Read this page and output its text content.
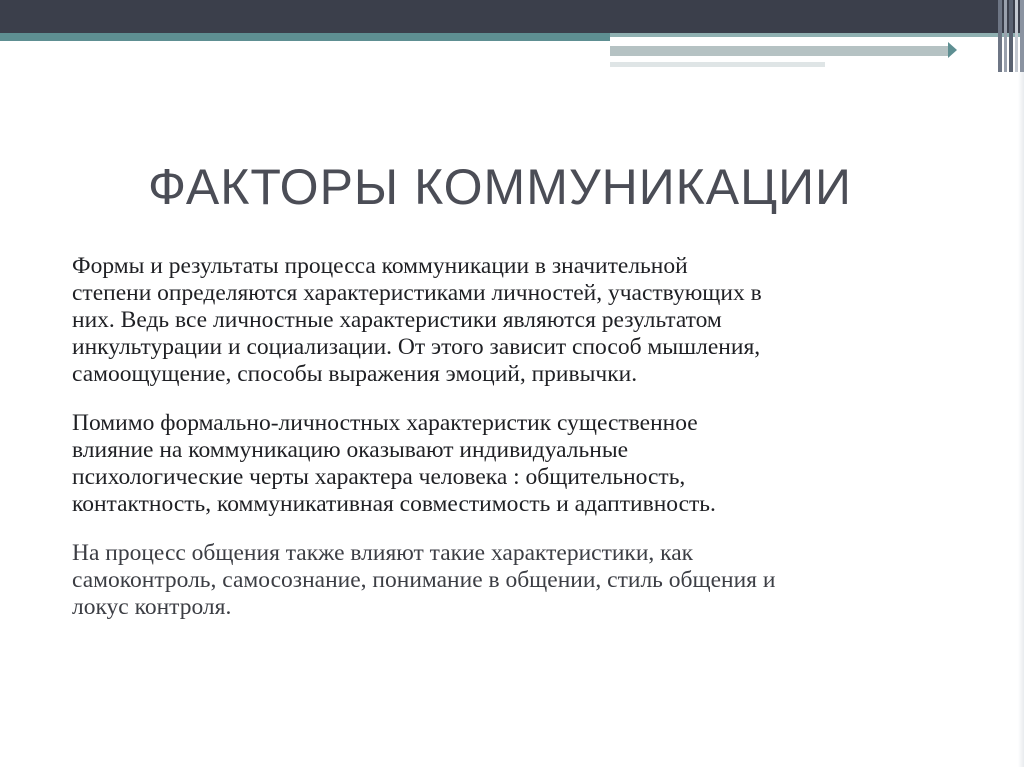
ФАКТОРЫ КОММУНИКАЦИИ

Формы и результаты процесса коммуникации в значительной
степени определяются характеристиками личностей, участвующих в
них. Ведь все личностные характеристики являются результатом
инкультурации и социализации. От этого зависит способ мышления,
самоощущение, способы выражения эмоций, привычки.

Помимо формально-личностных характеристик существенное
влияние на коммуникацию оказывают индивидуальные
психологические черты характера человека : общительность,
контактность, коммуникативная совместимость и адаптивность.

На процесс общения также влияют такие характеристики, как
самоконтроль, самосознание, понимание в общении, стиль общения и
локус контроля.
